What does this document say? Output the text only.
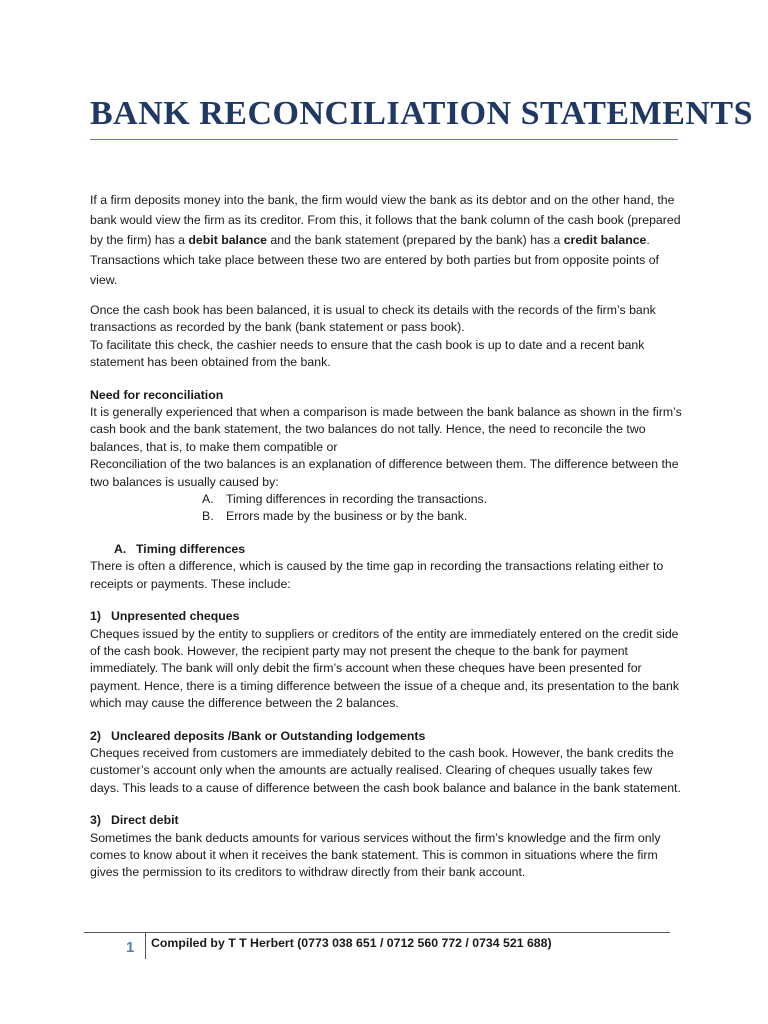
BANK RECONCILIATION STATEMENTS

If a firm deposits money into the bank, the firm would view the bank as its debtor and on the other hand, the bank would view the firm as its creditor. From this, it follows that the bank column of the cash book (prepared by the firm) has a debit balance and the bank statement (prepared by the bank) has a credit balance. Transactions which take place between these two are entered by both parties but from opposite points of view.

Once the cash book has been balanced, it is usual to check its details with the records of the firm’s bank transactions as recorded by the bank (bank statement or pass book).

To facilitate this check, the cashier needs to ensure that the cash book is up to date and a recent bank statement has been obtained from the bank.

Need for reconciliation

It is generally experienced that when a comparison is made between the bank balance as shown in the firm’s cash book and the bank statement, the two balances do not tally. Hence, the need to reconcile the two balances, that is, to make them compatible or

Reconciliation of the two balances is an explanation of difference between them. The difference between the two balances is usually caused by:

A. Timing differences in recording the transactions.
B. Errors made by the business or by the bank.

A. Timing differences

There is often a difference, which is caused by the time gap in recording the transactions relating either to receipts or payments. These include:

1) Unpresented cheques

Cheques issued by the entity to suppliers or creditors of the entity are immediately entered on the credit side of the cash book. However, the recipient party may not present the cheque to the bank for payment immediately. The bank will only debit the firm’s account when these cheques have been presented for payment. Hence, there is a timing difference between the issue of a cheque and, its presentation to the bank which may cause the difference between the 2 balances.

2) Uncleared deposits /Bank or Outstanding lodgements

Cheques received from customers are immediately debited to the cash book. However, the bank credits the customer’s account only when the amounts are actually realised. Clearing of cheques usually takes few days. This leads to a cause of difference between the cash book balance and balance in the bank statement.

3) Direct debit

Sometimes the bank deducts amounts for various services without the firm’s knowledge and the firm only comes to know about it when it receives the bank statement. This is common in situations where the firm gives the permission to its creditors to withdraw directly from their bank account.

1 Compiled by T T Herbert (0773 038 651 / 0712 560 772 / 0734 521 688)
